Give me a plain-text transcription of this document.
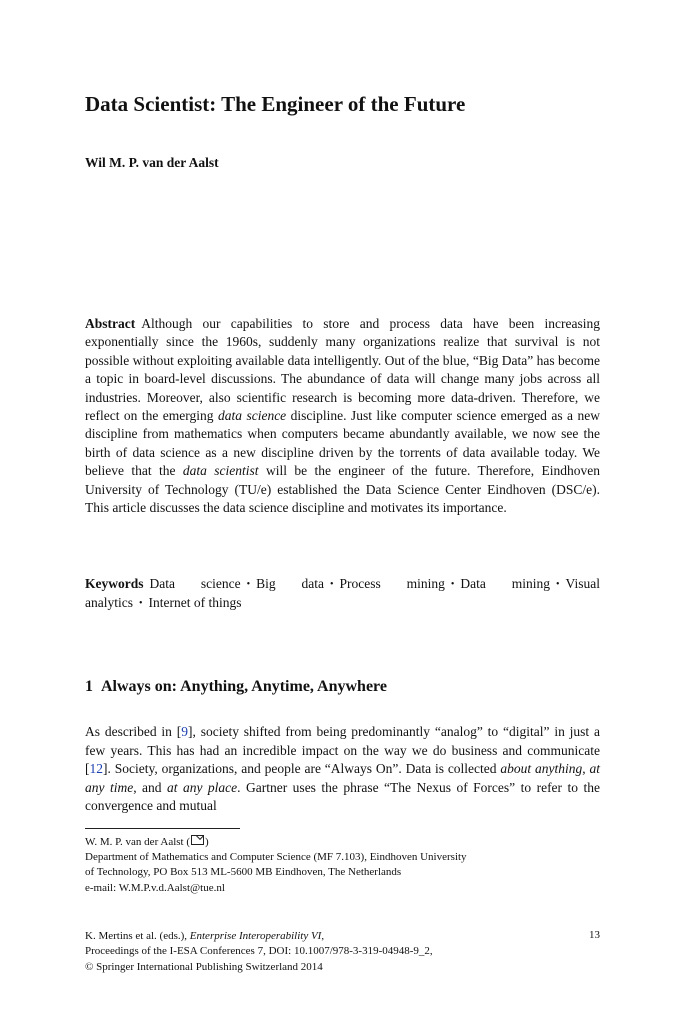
Data Scientist: The Engineer of the Future
Wil M. P. van der Aalst
Abstract Although our capabilities to store and process data have been increasing exponentially since the 1960s, suddenly many organizations realize that survival is not possible without exploiting available data intelligently. Out of the blue, “Big Data” has become a topic in board-level discussions. The abundance of data will change many jobs across all industries. Moreover, also scientific research is becoming more data-driven. Therefore, we reflect on the emerging data science discipline. Just like computer science emerged as a new discipline from mathematics when computers became abundantly available, we now see the birth of data science as a new discipline driven by the torrents of data available today. We believe that the data scientist will be the engineer of the future. Therefore, Eindhoven University of Technology (TU/e) established the Data Science Center Eindhoven (DSC/e). This article discusses the data science discipline and motivates its importance.
Keywords Data science • Big data • Process mining • Data mining • Visual analytics • Internet of things
1 Always on: Anything, Anytime, Anywhere

As described in [9], society shifted from being predominantly “analog” to “digital” in just a few years. This has had an incredible impact on the way we do business and communicate [12]. Society, organizations, and people are “Always On”. Data is collected about anything, at any time, and at any place. Gartner uses the phrase “The Nexus of Forces” to refer to the convergence and mutual

W. M. P. van der Aalst ( )
Department of Mathematics and Computer Science (MF 7.103), Eindhoven University
of Technology, PO Box 513 ML-5600 MB Eindhoven, The Netherlands
e-mail: W.M.P.v.d.Aalst@tue.nl
K. Mertins et al. (eds.), Enterprise Interoperability VI,
Proceedings of the I-ESA Conferences 7, DOI: 10.1007/978-3-319-04948-9_2,
© Springer International Publishing Switzerland 2014
13
